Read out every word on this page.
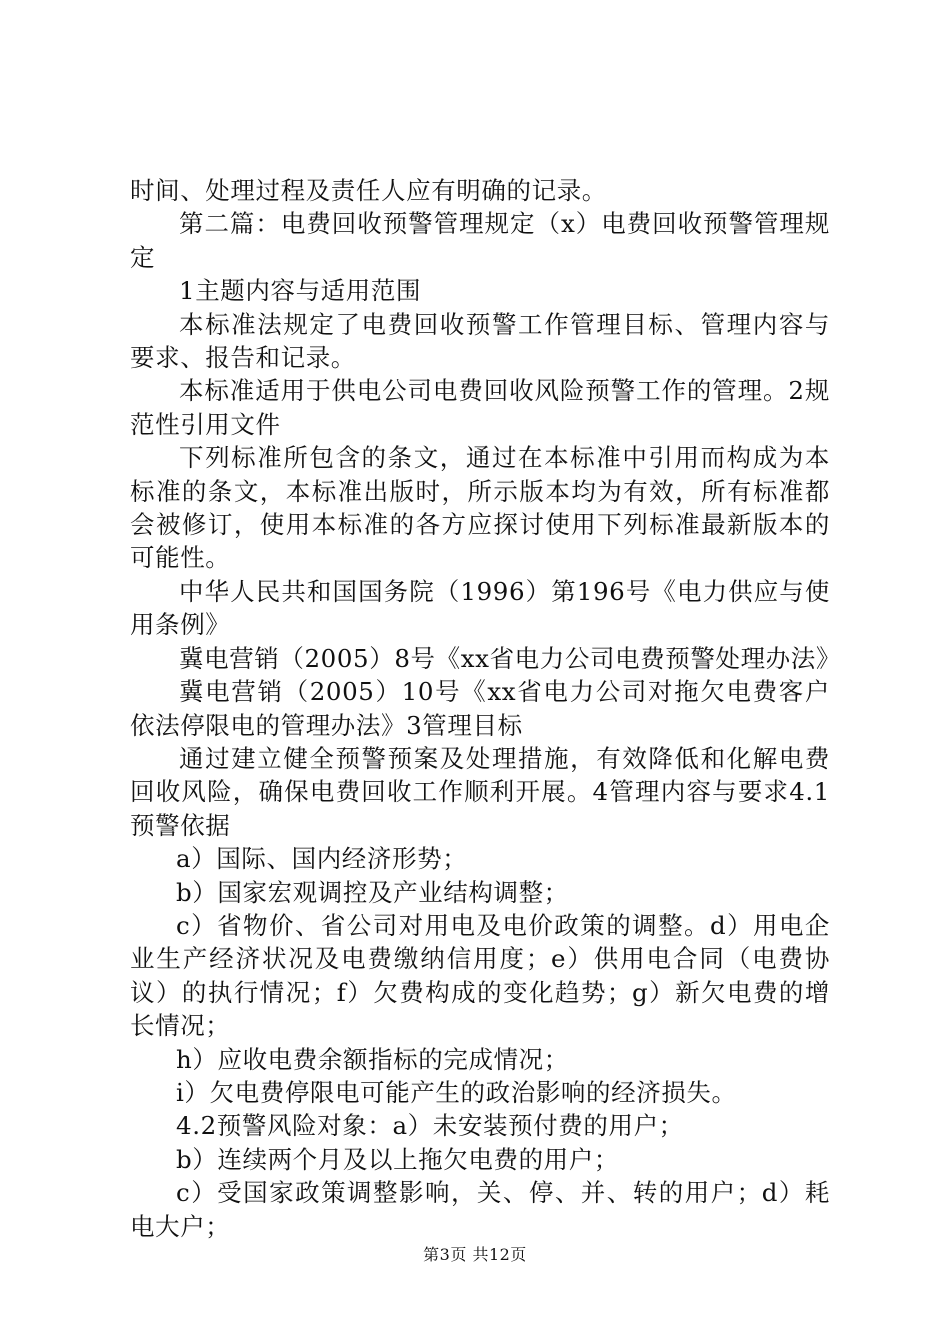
时间、处理过程及责任人应有明确的记录。

第二篇：电费回收预警管理规定（x）电费回收预警管理规定

1主题内容与适用范围

本标准法规定了电费回收预警工作管理目标、管理内容与要求、报告和记录。

本标准适用于供电公司电费回收风险预警工作的管理。2规范性引用文件

下列标准所包含的条文，通过在本标准中引用而构成为本标准的条文，本标准出版时，所示版本均为有效，所有标准都会被修订，使用本标准的各方应探讨使用下列标准最新版本的可能性。

中华人民共和国国务院（1996）第196号《电力供应与使用条例》

冀电营销（2005）8号《xx省电力公司电费预警处理办法》

冀电营销（2005）10号《xx省电力公司对拖欠电费客户依法停限电的管理办法》3管理目标

通过建立健全预警预案及处理措施，有效降低和化解电费回收风险，确保电费回收工作顺利开展。4管理内容与要求4.1预警依据

a）国际、国内经济形势；

b）国家宏观调控及产业结构调整；

c）省物价、省公司对用电及电价政策的调整。d）用电企业生产经济状况及电费缴纳信用度；e）供用电合同（电费协议）的执行情况；f）欠费构成的变化趋势；g）新欠电费的增长情况；

h）应收电费余额指标的完成情况；

i）欠电费停限电可能产生的政治影响的经济损失。

4.2预警风险对象：a）未安装预付费的用户；

b）连续两个月及以上拖欠电费的用户；

c）受国家政策调整影响，关、停、并、转的用户；d）耗电大户；

第3页 共12页
